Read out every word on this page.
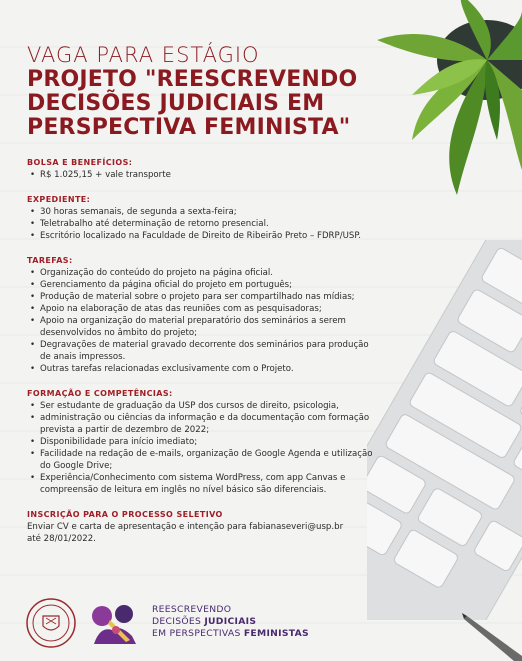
VAGA PARA ESTÁGIO
PROJETO "REESCREVENDO
DECISÕES JUDICIAIS EM
PERSPECTIVA FEMINISTA"
BOLSA E BENEFÍCIOS:
• R$ 1.025,15 + vale transporte
EXPEDIENTE:
• 30 horas semanais, de segunda a sexta-feira;
• Teletrabalho até determinação de retorno presencial.
• Escritório localizado na Faculdade de Direito de Ribeirão Preto – FDRP/USP.
TAREFAS:
• Organização do conteúdo do projeto na página oficial.
• Gerenciamento da página oficial do projeto em português;
• Produção de material sobre o projeto para ser compartilhado nas mídias;
• Apoio na elaboração de atas das reuniões com as pesquisadoras;
• Apoio na organização do material preparatório dos seminários a serem desenvolvidos no âmbito do projeto;
• Degravações de material gravado decorrente dos seminários para produção de anais impressos.
• Outras tarefas relacionadas exclusivamente com o Projeto.
FORMAÇÃO E COMPETÊNCIAS:
• Ser estudante de graduação da USP dos cursos de direito, psicologia,
• administração ou ciências da informação e da documentação com formação prevista a partir de dezembro de 2022;
• Disponibilidade para início imediato;
• Facilidade na redação de e-mails, organização de Google Agenda e utilização do Google Drive;
• Experiência/Conhecimento com sistema WordPress, com app Canvas e compreensão de leitura em inglês no nível básico são diferenciais.
INSCRIÇÃO PARA O PROCESSO SELETIVO
Enviar CV e carta de apresentação e intenção para fabianaseveri@usp.br
até 28/01/2022.
REESCREVENDO
DECISÕES JUDICIAIS
EM PERSPECTIVAS FEMINISTAS
